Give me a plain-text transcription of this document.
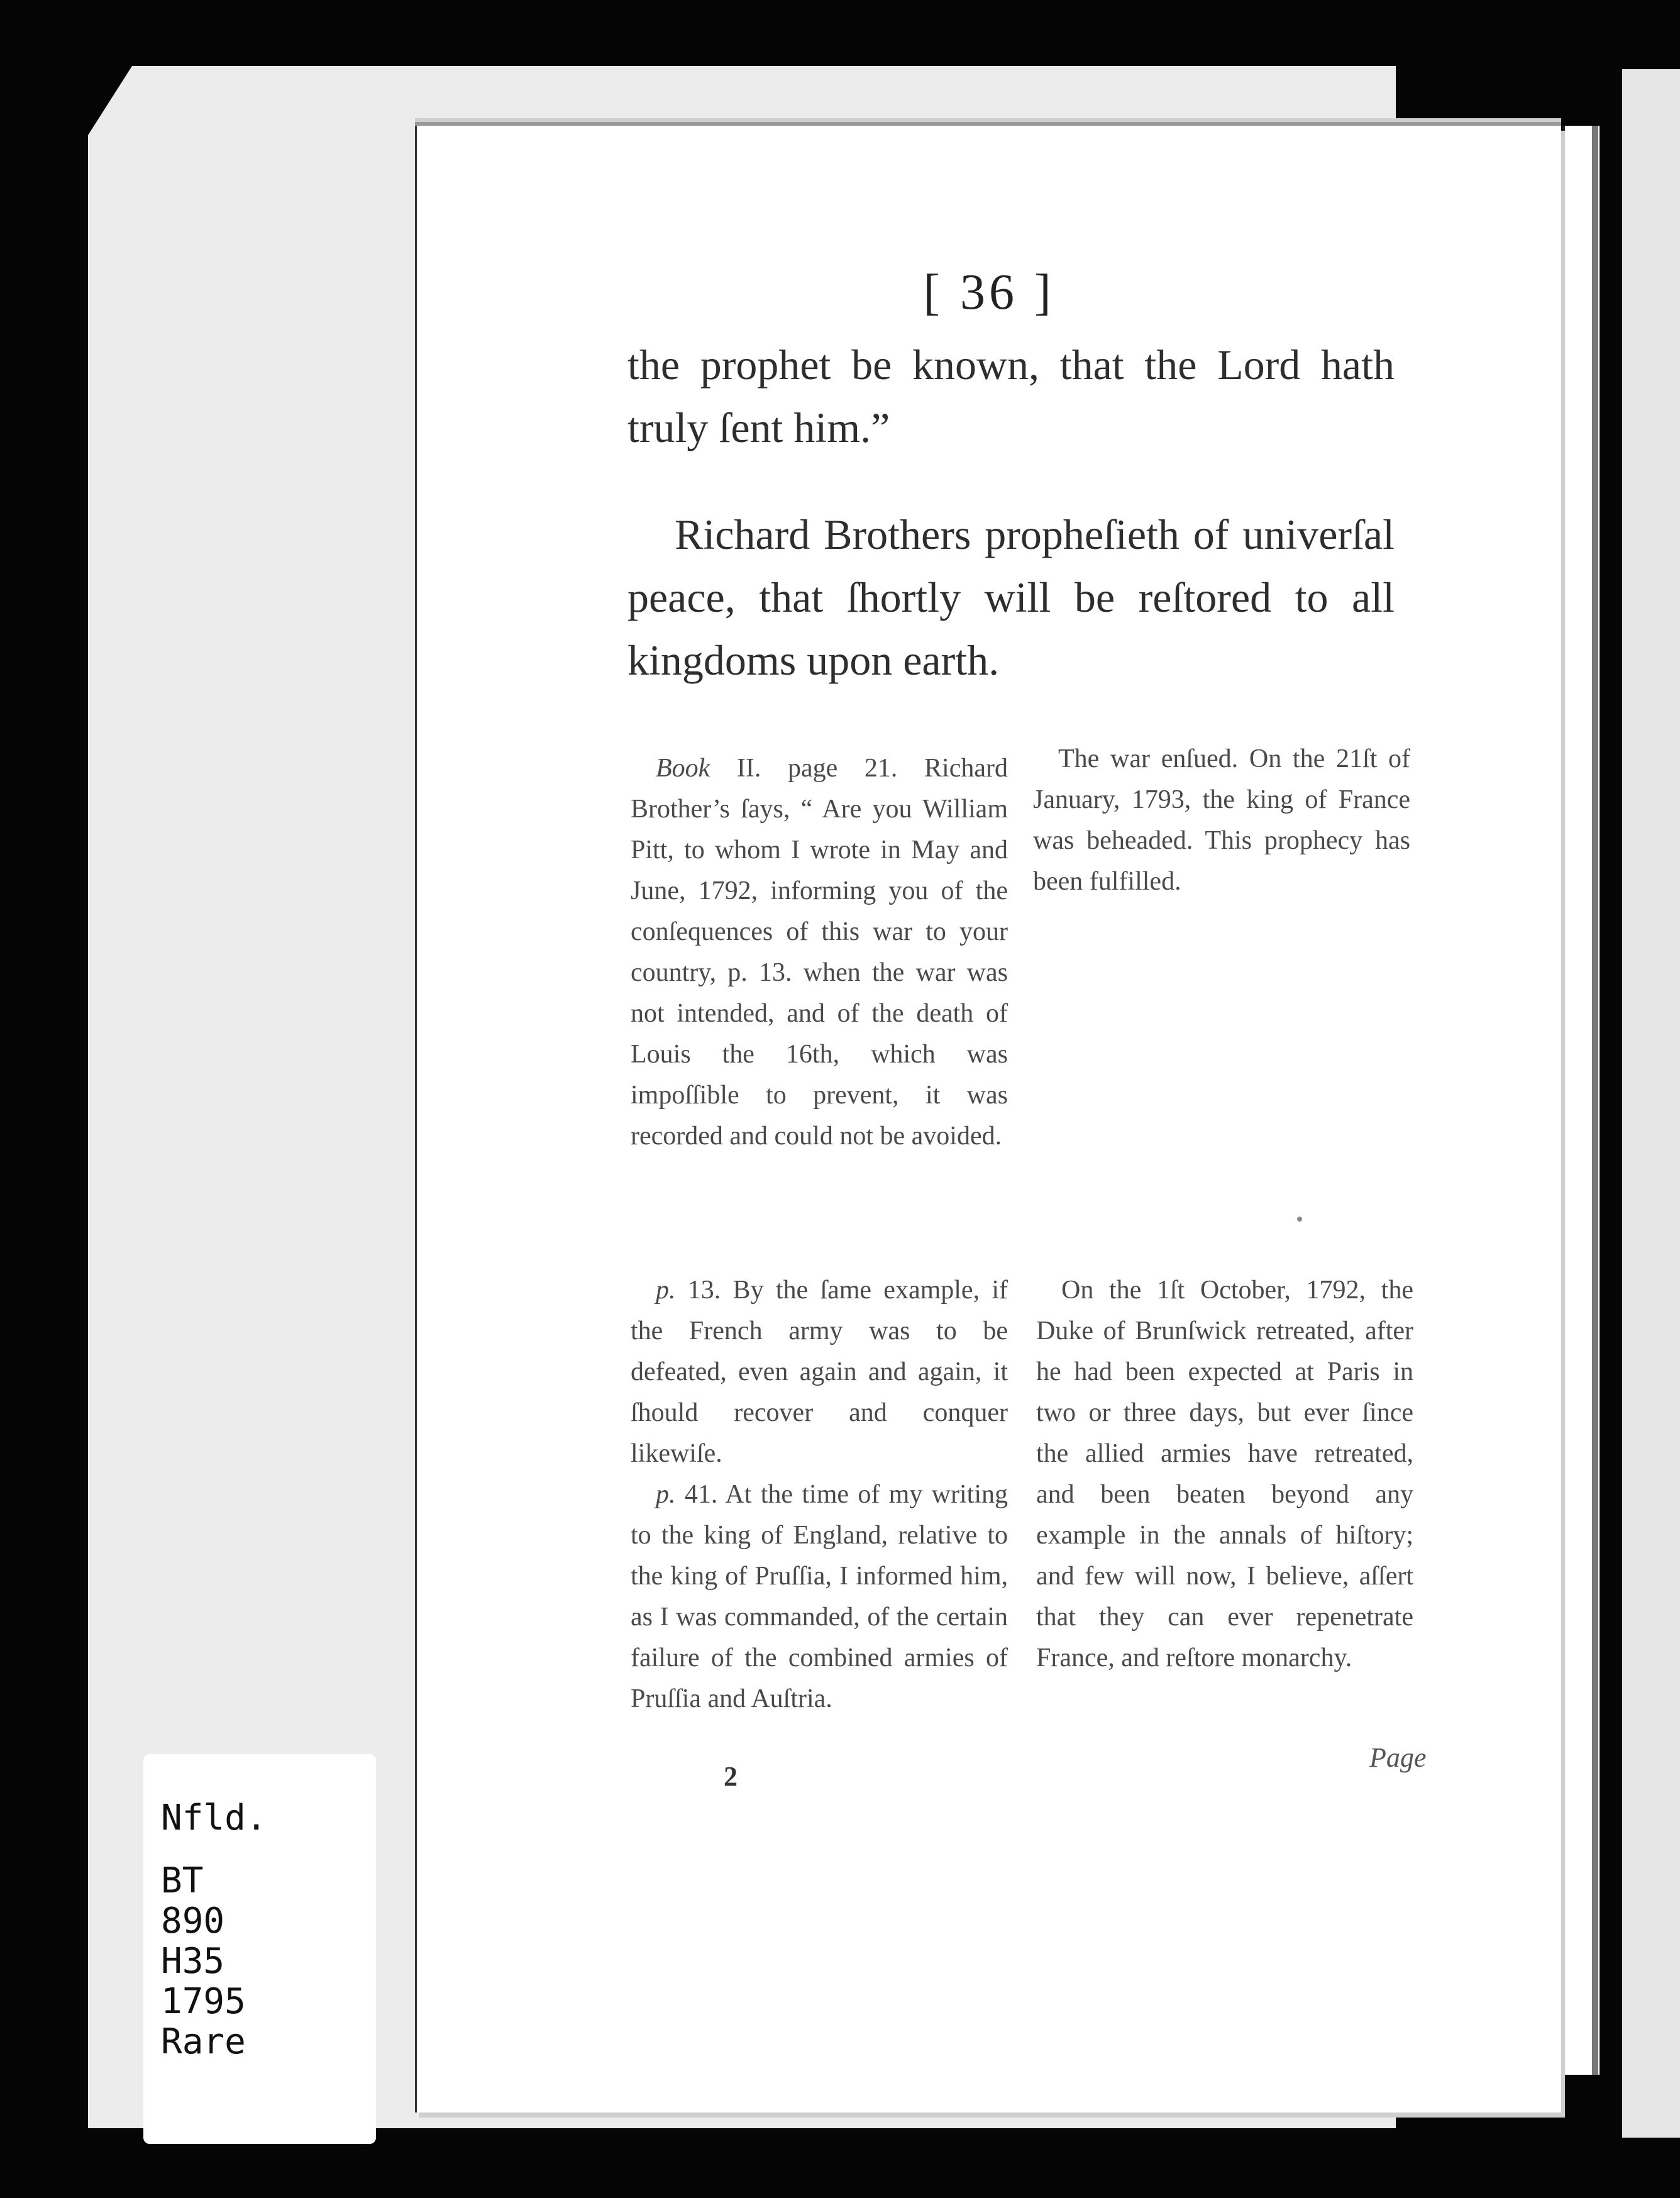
[ 36 ]

the prophet be known, that the Lord hath truly ſent him.”

Richard Brothers propheſieth of univerſal peace, that ſhortly will be reſtored to all kingdoms upon earth.

Book II. page 21. Richard Brother’s ſays, “ Are you William Pitt, to whom I wrote in May and June, 1792, informing you of the conſequences of this war to your country, p. 13. when the war was not intended, and of the death of Louis the 16th, which was impoſſible to prevent, it was recorded and could not be avoided.

The war enſued. On the 21ſt of January, 1793, the king of France was beheaded. This prophecy has been fulfilled.

p. 13. By the ſame example, if the French army was to be defeated, even again and again, it ſhould recover and conquer likewiſe.

p. 41. At the time of my writing to the king of England, relative to the king of Pruſſia, I informed him, as I was commanded, of the certain failure of the combined armies of Pruſſia and Auſtria.

On the 1ſt October, 1792, the Duke of Brunſwick retreated, after he had been expected at Paris in two or three days, but ever ſince the allied armies have retreated, and been beaten beyond any example in the annals of hiſtory; and few will now, I believe, aſſert that they can ever repenetrate France, and reſtore monarchy.

2
Page
Nfld.
BT
890
H35
1795
Rare
